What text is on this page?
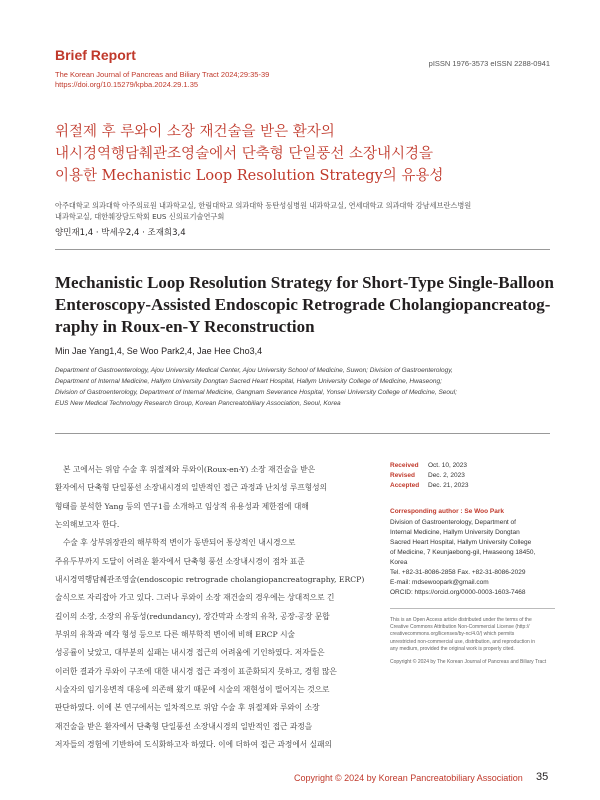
Brief Report
The Korean Journal of Pancreas and Biliary Tract 2024;29:35-39
https://doi.org/10.15279/kpba.2024.29.1.35
pISSN 1976-3573 eISSN 2288-0941
위절제 후 루와이 소장 재건술을 받은 환자의
내시경역행담췌관조영술에서 단축형 단일풍선 소장내시경을
이용한 Mechanistic Loop Resolution Strategy의 유용성
아주대학교 의과대학 아주의료원 내과학교실, 한림대학교 의과대학 동탄성심병원 내과학교실, 연세대학교 의과대학 강남세브란스병원
내과학교실, 대한췌장담도학회 EUS 신의료기술연구회
양민재1,4 · 박세우2,4 · 조재희3,4
Mechanistic Loop Resolution Strategy for Short-Type Single-Balloon
Enteroscopy-Assisted Endoscopic Retrograde Cholangiopancreatog-
raphy in Roux-en-Y Reconstruction
Min Jae Yang1,4, Se Woo Park2,4, Jae Hee Cho3,4
Department of Gastroenterology, Ajou University Medical Center, Ajou University School of Medicine, Suwon; Division of Gastroenterology,
Department of Internal Medicine, Hallym University Dongtan Sacred Heart Hospital, Hallym University College of Medicine, Hwaseong;
Division of Gastroenterology, Department of Internal Medicine, Gangnam Severance Hospital, Yonsei University College of Medicine, Seoul;
EUS New Medical Technology Research Group, Korean Pancreatobiliary Association, Seoul, Korea
본 고에서는 위암 수술 후 위절제와 루와이(Roux-en-Y) 소장 재건술을 받은
환자에서 단축형 단일풍선 소장내시경의 일반적인 접근 과정과 난치성 루프형성의
형태를 분석한 Yang 등의 연구1를 소개하고 임상적 유용성과 제한점에 대해
논의해보고자 한다.
수술 후 상부위장관의 해부학적 변이가 동반되어 통상적인 내시경으로
주유두부까지 도달이 어려운 환자에서 단축형 풍선 소장내시경이 점차 표준
내시경역행담췌관조영술(endoscopic retrograde cholangiopancreatography, ERCP)
술식으로 자리잡아 가고 있다. 그러나 루와이 소장 재건술의 경우에는 상대적으로 긴
길이의 소장, 소장의 유동성(redundancy), 장간막과 소장의 유착, 공장-공장 문합
부위의 유착과 예각 형성 등으로 다른 해부학적 변이에 비해 ERCP 시술
성공률이 낮았고, 대부분의 실패는 내시경 접근의 어려움에 기인하였다. 저자들은
이러한 결과가 루와이 구조에 대한 내시경 접근 과정이 표준화되지 못하고, 경험 많은
시술자의 임기응변적 대응에 의존해 왔기 때문에 시술의 재현성이 떨어지는 것으로
판단하였다. 이에 본 연구에서는 일차적으로 위암 수술 후 위절제와 루와이 소장
재건술을 받은 환자에서 단축형 단일풍선 소장내시경의 일반적인 접근 과정을
저자들의 경험에 기반하여 도식화하고자 하였다. 이에 더하여 접근 과정에서 실패의
Received Oct. 10, 2023
Revised Dec. 2, 2023
Accepted Dec. 21, 2023
Corresponding author : Se Woo Park
Division of Gastroenterology, Department of
Internal Medicine, Hallym University Dongtan
Sacred Heart Hospital, Hallym University College
of Medicine, 7 Keunjaebong-gil, Hwaseong 18450,
Korea
Tel. +82-31-8086-2858 Fax. +82-31-8086-2029
E-mail: mdsewoopark@gmail.com
ORCID: https://orcid.org/0000-0003-1603-7468
This is an Open Access article distributed under the terms of the
Creative Commons Attribution Non-Commercial License (http://
creativecommons.org/licenses/by-nc/4.0/) which permits
unrestricted non-commercial use, distribution, and reproduction in
any medium, provided the original work is properly cited.
Copyright © 2024 by The Korean Journal of Pancreas and Biliary Tract
Copyright © 2024 by Korean Pancreatobiliary Association 35
